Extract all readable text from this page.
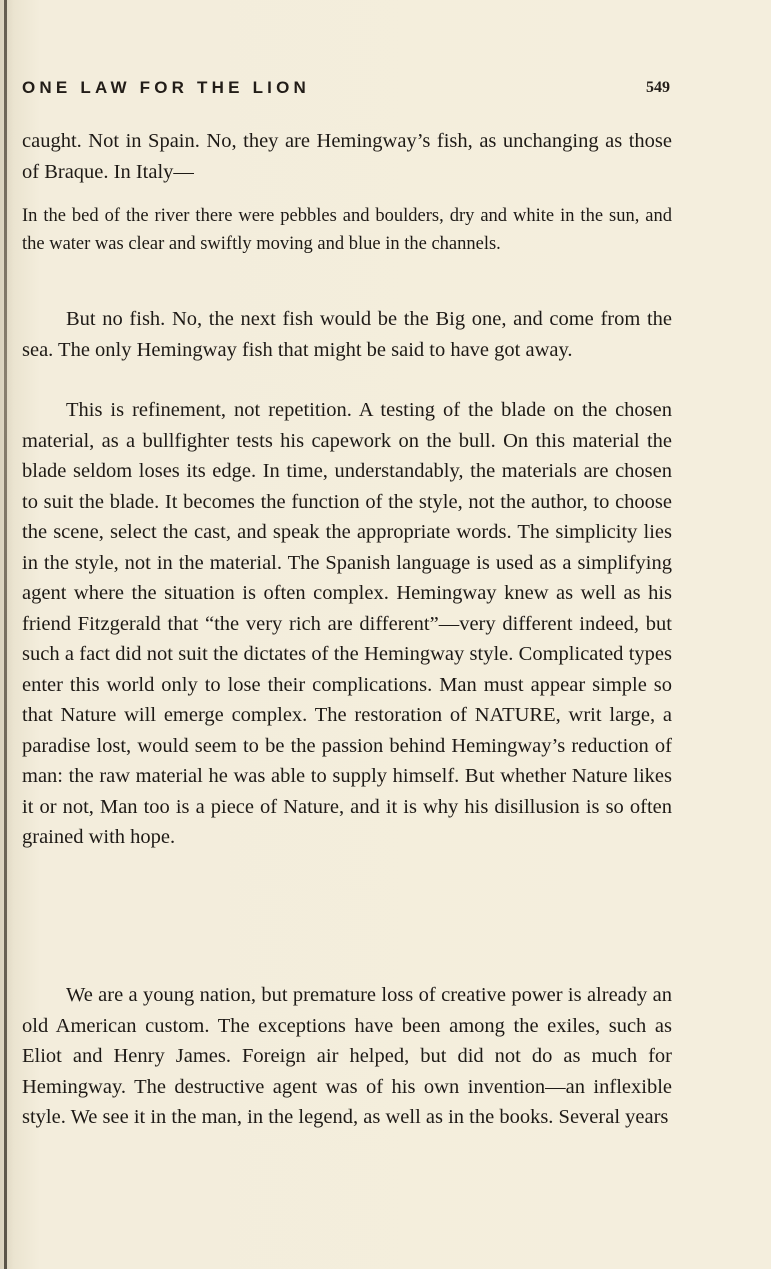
ONE LAW FOR THE LION	549

caught. Not in Spain. No, they are Hemingway’s fish, as unchanging as those of Braque. In Italy—

In the bed of the river there were pebbles and boulders, dry and white in the sun, and the water was clear and swiftly moving and blue in the channels.

But no fish. No, the next fish would be the Big one, and come from the sea. The only Hemingway fish that might be said to have got away.

This is refinement, not repetition. A testing of the blade on the chosen material, as a bullfighter tests his capework on the bull. On this material the blade seldom loses its edge. In time, understandably, the materials are chosen to suit the blade. It becomes the function of the style, not the author, to choose the scene, select the cast, and speak the appropriate words. The simplicity lies in the style, not in the material. The Spanish language is used as a simplifying agent where the situation is often complex. Hemingway knew as well as his friend Fitzgerald that “the very rich are different”—very different indeed, but such a fact did not suit the dictates of the Hemingway style. Complicated types enter this world only to lose their complications. Man must appear simple so that Nature will emerge complex. The restoration of NATURE, writ large, a paradise lost, would seem to be the passion behind Hemingway’s reduction of man: the raw material he was able to supply himself. But whether Nature likes it or not, Man too is a piece of Nature, and it is why his disillusion is so often grained with hope.

We are a young nation, but premature loss of creative power is already an old American custom. The exceptions have been among the exiles, such as Eliot and Henry James. Foreign air helped, but did not do as much for Hemingway. The destructive agent was of his own invention—an inflexible style. We see it in the man, in the legend, as well as in the books. Several years
